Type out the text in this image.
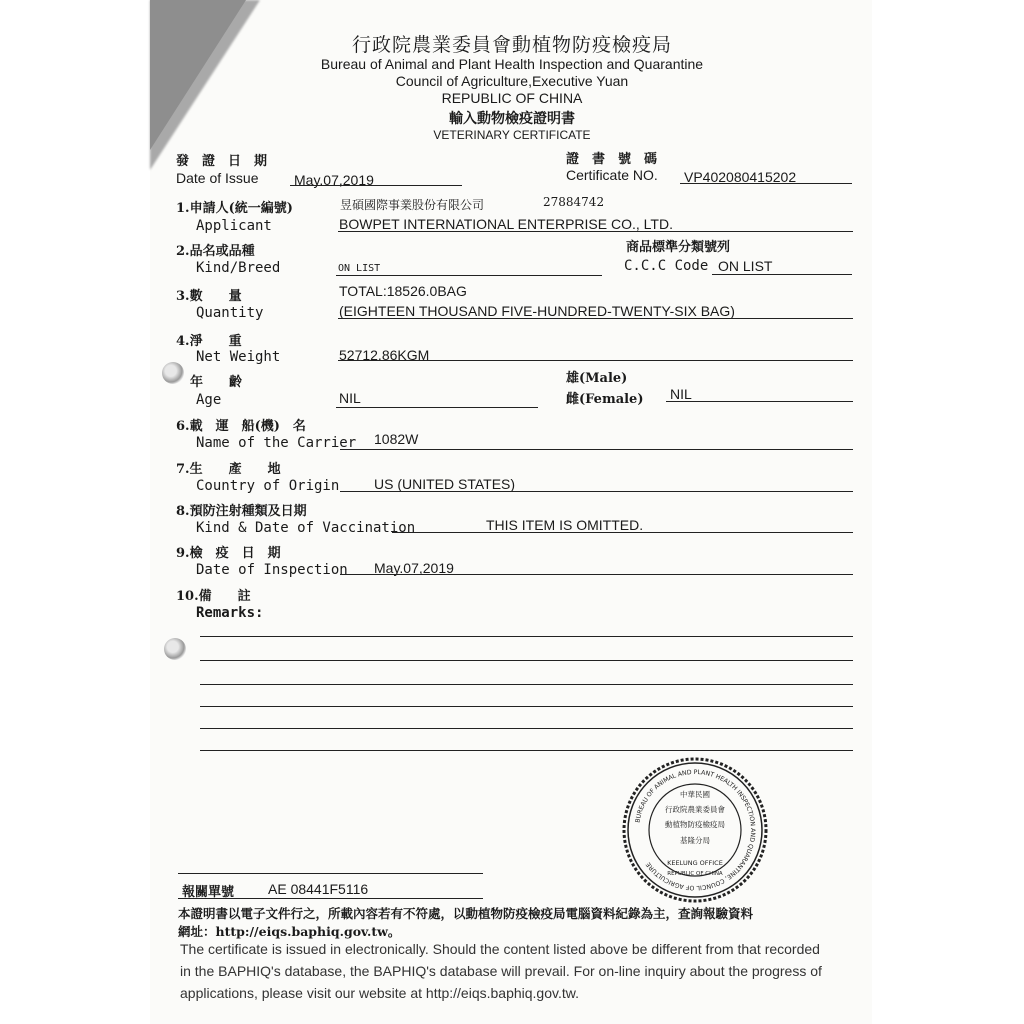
行政院農業委員會動植物防疫檢疫局
Bureau of Animal and Plant Health Inspection and Quarantine
Council of Agriculture,Executive Yuan
REPUBLIC OF CHINA
輸入動物檢疫證明書
VETERINARY CERTIFICATE
發　證　日　期
Date of Issue	May.07,2019
證　書　號　碼
Certificate NO. VP402080415202
1.申請人(統一編號)	昱碩國際事業股份有限公司	27884742
Applicant	BOWPET INTERNATIONAL ENTERPRISE CO., LTD.
2.品名或品種
Kind/Breed	ON LIST
商品標準分類號列
C.C.C Code ON LIST
3.數　　量	TOTAL:18526.0BAG
Quantity	(EIGHTEEN THOUSAND FIVE-HUNDRED-TWENTY-SIX BAG)
4.淨　　重
Net Weight	52712.86KGM
年　　齡
Age	NIL
雄(Male)
雌(Female) NIL
6.載　運　船(機)　名
Name of the Carrier 1082W
7.生　　產　　地
Country of Origin US (UNITED STATES)
8.預防注射種類及日期
Kind & Date of Vaccination	THIS ITEM IS OMITTED.
9.檢　疫　日　期
Date of Inspection May.07,2019
10.備　　註
Remarks:
BUREAU OF ANIMAL AND PLANT HEALTH INSPECTION AND QUARANTINE, COUNCIL OF AGRICULTURE
中華民國
行政院農業委員會
動植物防疫檢疫局
基隆分局
KEELUNG OFFICE
REPUBLIC OF CHINA
報關單號 AE 08441F5116
本證明書以電子文件行之，所載內容若有不符處，以動植物防疫檢疫局電腦資料紀錄為主，查詢報驗資料
網址：http://eiqs.baphiq.gov.tw。
The certificate is issued in electronically. Should the content listed above be different from that recorded
in the BAPHIQ's database, the BAPHIQ's database will prevail. For on-line inquiry about the progress of
applications, please visit our website at http://eiqs.baphiq.gov.tw.
